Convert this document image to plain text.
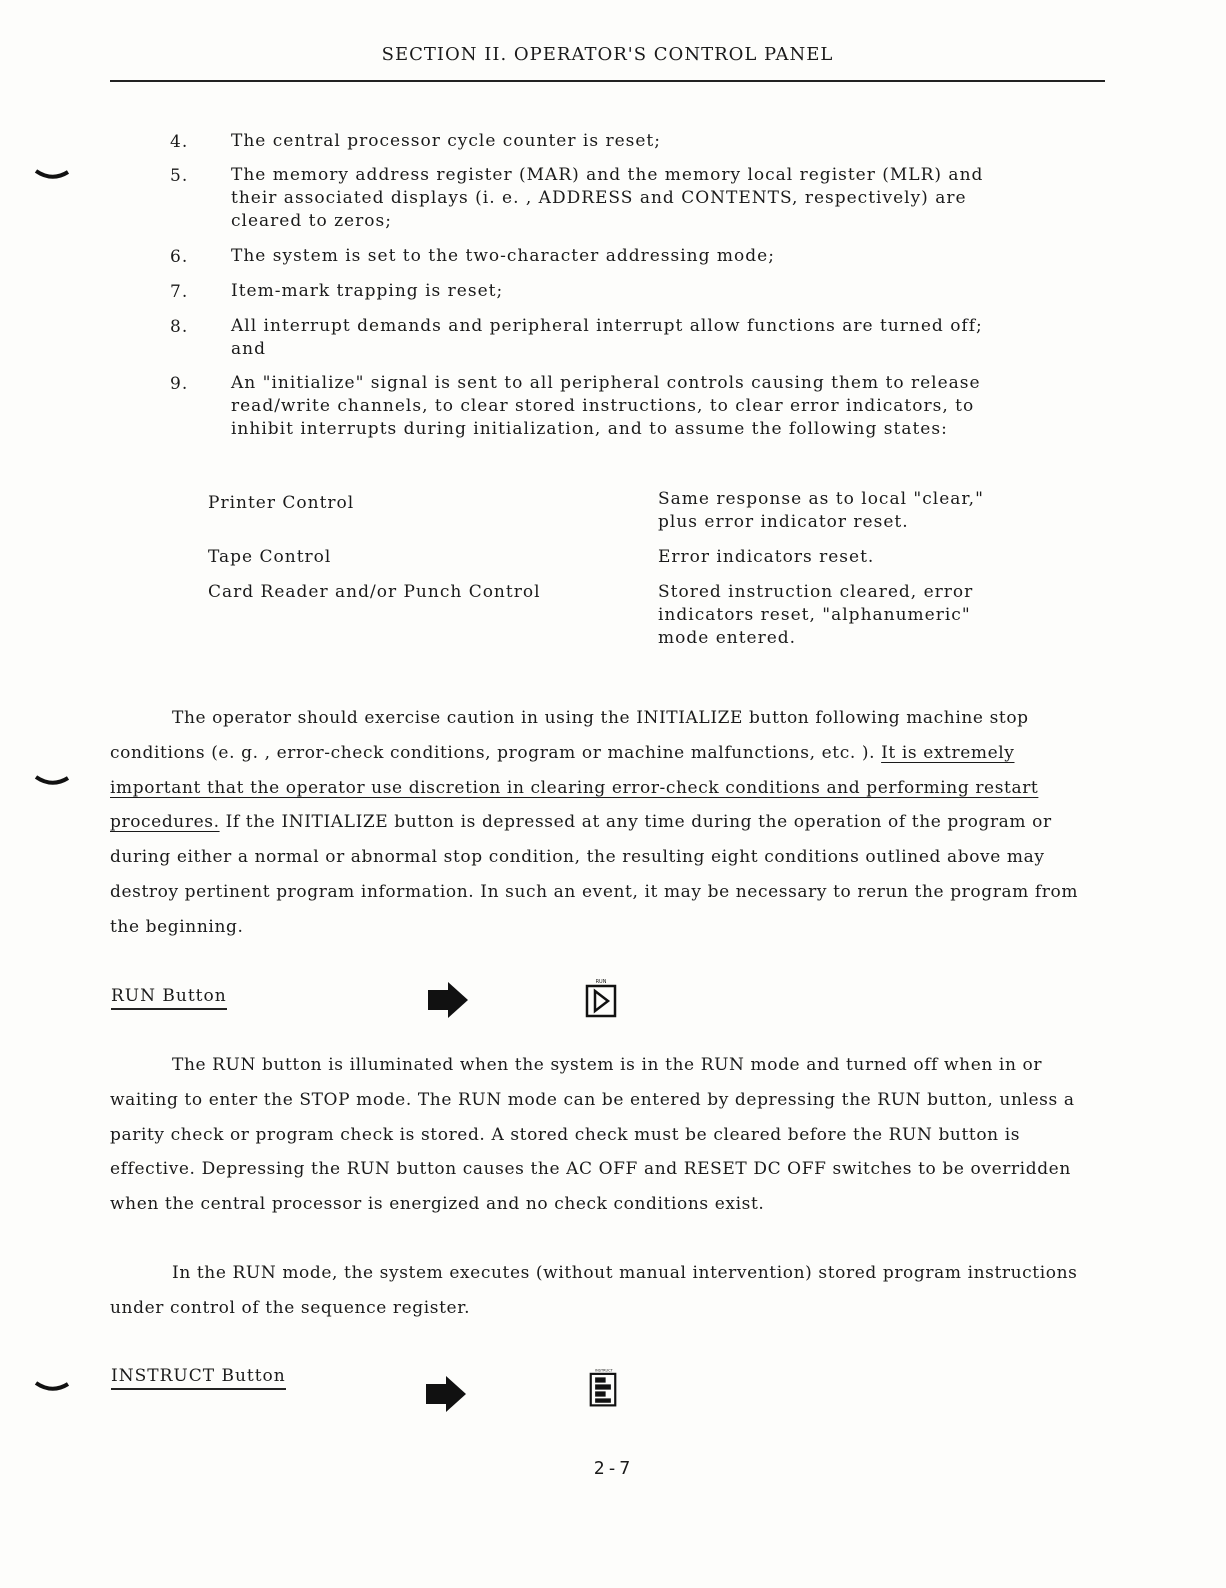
SECTION II. OPERATOR'S CONTROL PANEL
4.	The central processor cycle counter is reset;
5.	The memory address register (MAR) and the memory local register (MLR) and their associated displays (i. e. , ADDRESS and CONTENTS, respectively) are cleared to zeros;
6.	The system is set to the two-character addressing mode;
7.	Item-mark trapping is reset;
8.	All interrupt demands and peripheral interrupt allow functions are turned off; and
9.	An "initialize" signal is sent to all peripheral controls causing them to release read/write channels, to clear stored instructions, to clear error indicators, to inhibit interrupts during initialization, and to assume the following states:
Printer Control	Same response as to local "clear," plus error indicator reset.
Tape Control	Error indicators reset.
Card Reader and/or Punch Control	Stored instruction cleared, error indicators reset, "alphanumeric" mode entered.
The operator should exercise caution in using the INITIALIZE button following machine stop conditions (e. g. , error-check conditions, program or machine malfunctions, etc. ). It is extremely important that the operator use discretion in clearing error-check conditions and performing restart procedures. If the INITIALIZE button is depressed at any time during the operation of the program or during either a normal or abnormal stop condition, the resulting eight conditions outlined above may destroy pertinent program information. In such an event, it may be necessary to rerun the program from the beginning.
RUN Button
RUN
The RUN button is illuminated when the system is in the RUN mode and turned off when in or waiting to enter the STOP mode. The RUN mode can be entered by depressing the RUN button, unless a parity check or program check is stored. A stored check must be cleared before the RUN button is effective. Depressing the RUN button causes the AC OFF and RESET DC OFF switches to be overridden when the central processor is energized and no check conditions exist.
In the RUN mode, the system executes (without manual intervention) stored program instructions under control of the sequence register.
INSTRUCT Button	INSTRUCT
2-7
